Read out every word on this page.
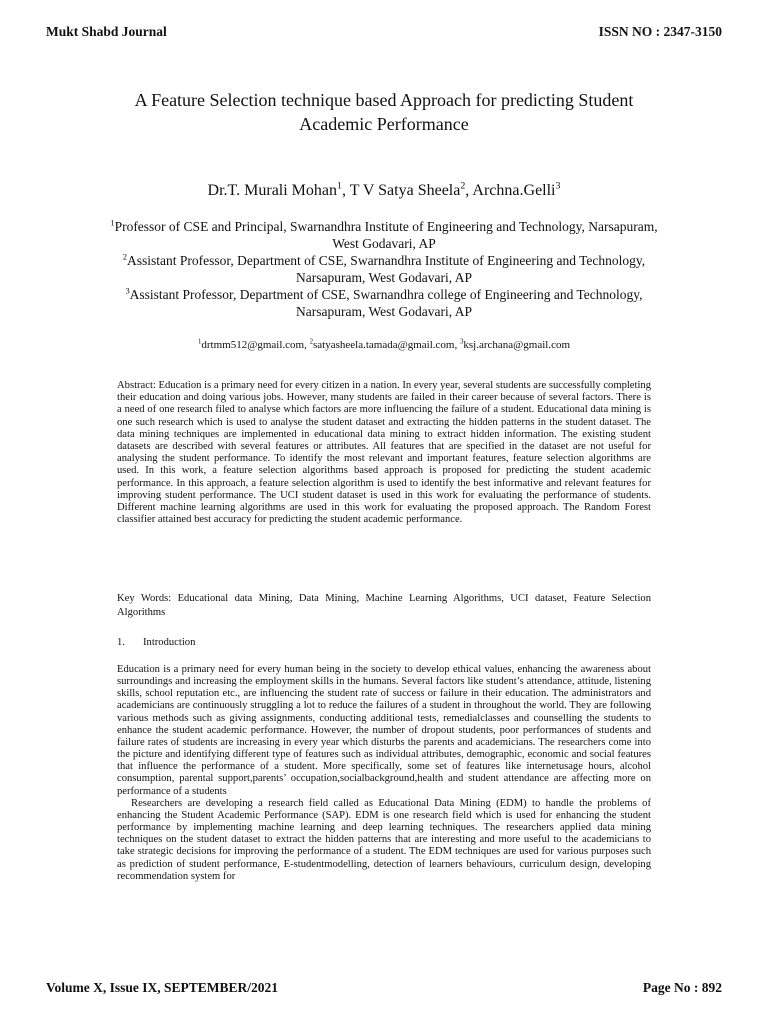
Mukt Shabd Journal	ISSN NO : 2347-3150
A Feature Selection technique based Approach for predicting Student Academic Performance
Dr.T. Murali Mohan$^1$, T V Satya Sheela$^2$, Archna.Gelli$^3$
$^1$Professor of CSE and Principal, Swarnandhra Institute of Engineering and Technology, Narsapuram, West Godavari, AP
$^2$Assistant Professor, Department of CSE, Swarnandhra Institute of Engineering and Technology, Narsapuram, West Godavari, AP
$^3$Assistant Professor, Department of CSE, Swarnandhra college of Engineering and Technology, Narsapuram, West Godavari, AP
$^1$drtmm512@gmail.com, $^2$satyasheela.tamada@gmail.com, $^3$ksj.archana@gmail.com
Abstract: Education is a primary need for every citizen in a nation. In every year, several students are successfully completing their education and doing various jobs. However, many students are failed in their career because of several factors. There is a need of one research filed to analyse which factors are more influencing the failure of a student. Educational data mining is one such research which is used to analyse the student dataset and extracting the hidden patterns in the student dataset. The data mining techniques are implemented in educational data mining to extract hidden information. The existing student datasets are described with several features or attributes. All features that are specified in the dataset are not useful for analysing the student performance. To identify the most relevant and important features, feature selection algorithms are used. In this work, a feature selection algorithms based approach is proposed for predicting the student academic performance. In this approach, a feature selection algorithm is used to identify the best informative and relevant features for improving student performance. The UCI student dataset is used in this work for evaluating the performance of students. Different machine learning algorithms are used in this work for evaluating the proposed approach. The Random Forest classifier attained best accuracy for predicting the student academic performance.
Key Words: Educational data Mining, Data Mining, Machine Learning Algorithms, UCI dataset, Feature Selection Algorithms
1. Introduction

Education is a primary need for every human being in the society to develop ethical values, enhancing the awareness about surroundings and increasing the employment skills in the humans. Several factors like student’s attendance, attitude, listening skills, school reputation etc., are influencing the student rate of success or failure in their education. The administrators and academicians are continuously struggling a lot to reduce the failures of a student in throughout the world. They are following various methods such as giving assignments, conducting additional tests, remedialclasses and counselling the students to enhance the student academic performance. However, the number of dropout students, poor performances of students and failure rates of students are increasing in every year which disturbs the parents and academicians. The researchers come into the picture and identifying different type of features such as individual attributes, demographic, economic and social features that influence the performance of a student. More specifically, some set of features like internetusage hours, alcohol consumption, parental support,parents’ occupation,socialbackground,health and student attendance are affecting more on performance of a students

Researchers are developing a research field called as Educational Data Mining (EDM) to handle the problems of enhancing the Student Academic Performance (SAP). EDM is one research field which is used for enhancing the student performance by implementing machine learning and deep learning techniques. The researchers applied data mining techniques on the student dataset to extract the hidden patterns that are interesting and more useful to the academicians to take strategic decisions for improving the performance of a student. The EDM techniques are used for various purposes such as prediction of student performance, E-studentmodelling, detection of learners behaviours, curriculum design, developing recommendation system for

Volume X, Issue IX, SEPTEMBER/2021	Page No : 892
